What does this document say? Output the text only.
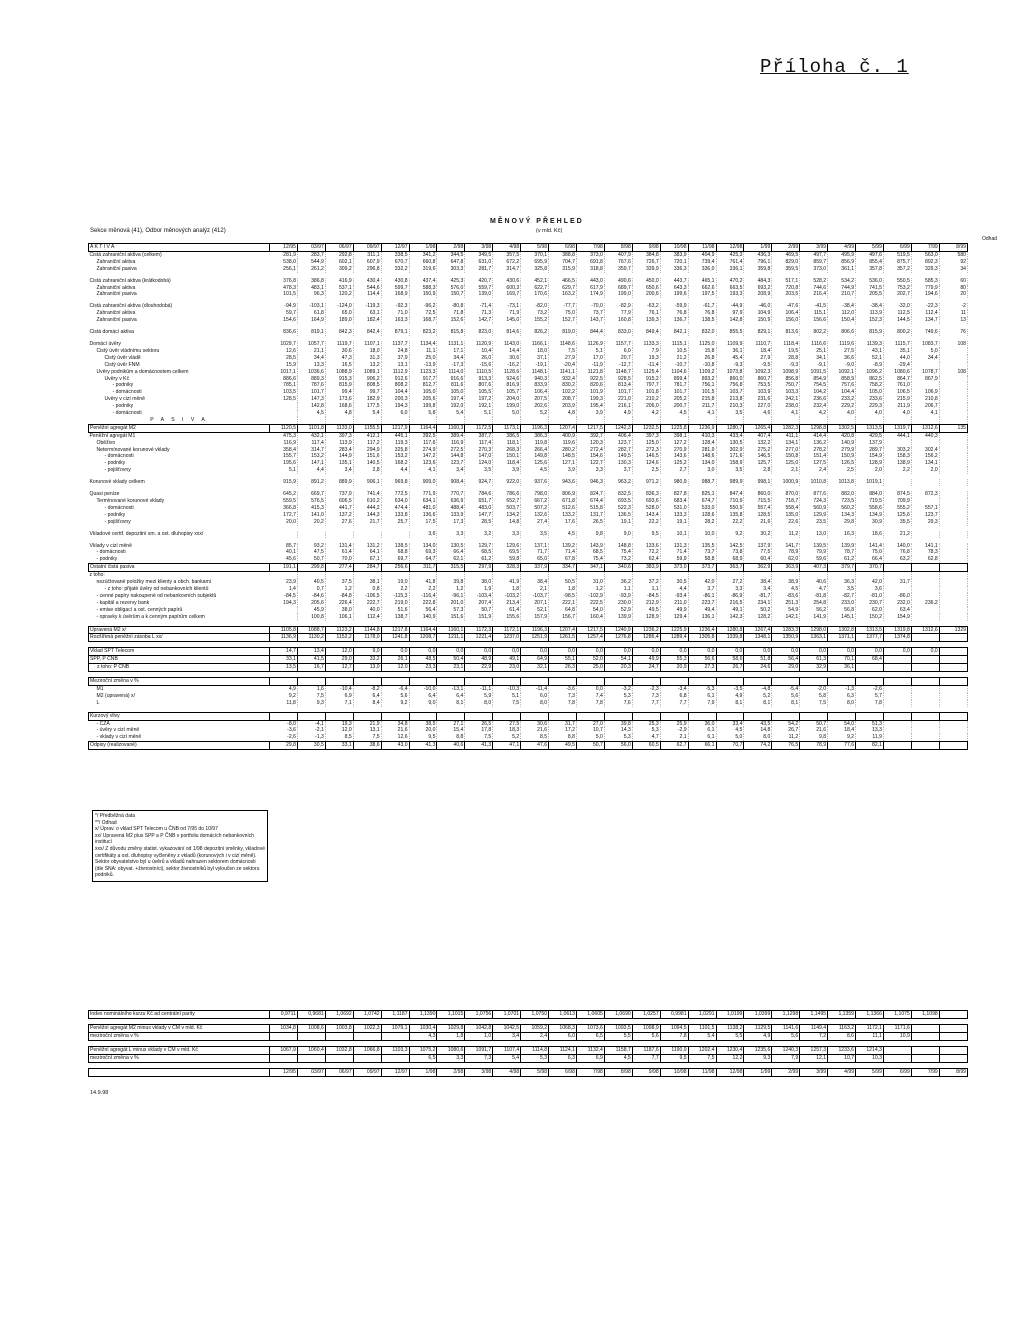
Příloha č. 1
Sekce měnová (41), Odbor měnových analýz (412)
MĚNOVÝ PŘEHLED
(v mld. Kč)
Odhad
A K T I V A	12/95	03/97	06/97	09/97	12/97	1/98	2/98	3/98	4/98	5/98	6/98	7/98	8/98	9/98	10/98	11/98	12/98	1/99	2/99	3/99	4/99	5/99	6/99	7/99	8/99
Čistá zahraniční aktiva (celkem)	281,9	283,7	292,8	311,1	338,5	341,2	344,5	349,5	357,5	370,1	388,8	373,0	407,9	384,8	383,9	404,9	425,3	436,3	469,5	497,7	495,9	497,6	519,5	563,0	580
Zahraniční aktiva	538,0	544,9	602,1	607,9	670,7	660,8	647,8	631,0	672,2	695,9	704,7	691,8	767,6	726,7	720,1	739,4	761,4	796,1	829,0	859,7	856,9	855,4	875,7	892,3	92
Zahraniční pasiva	256,1	261,2	309,2	296,8	332,2	319,6	303,3	281,7	314,7	325,8	315,9	318,8	359,7	339,9	336,3	336,0	336,1	359,8	359,5	373,0	361,1	357,8	357,2	329,3	34

Čistá zahraniční aktiva (krátkodobá)	376,8	386,8	416,9	430,4	430,8	437,4	425,3	420,7	430,6	452,1	466,5	443,0	490,6	450,0	443,7	465,1	470,2	484,3	517,1	528,2	534,2	536,0	550,5	585,3	60
Zahraniční aktiva	478,3	483,1	537,1	544,6	599,7	588,3	576,0	559,7	600,3	622,7	629,7	617,9	689,7	650,6	643,3	662,6	663,5	693,2	720,8	744,6	744,9	741,5	753,2	779,9	80
Zahraniční pasiva	101,5	96,3	120,2	114,4	168,9	150,9	150,7	139,0	169,7	170,6	163,2	174,9	199,0	200,6	199,6	197,5	193,3	208,9	203,5	216,4	210,7	205,5	202,7	194,6	20

Čistá zahraniční aktiva (dlouhodobá)	-94,9	-103,1	-124,0	-119,3	-92,3	-96,2	-80,8	-71,4	-73,1	-82,0	-77,7	-70,0	-82,9	-63,2	-59,9	-61,7	-44,9	-46,0	-47,6	-41,5	-38,4	-38,4	-32,0	-22,3	-2
Zahraniční aktiva	59,7	61,8	65,0	63,1	71,0	72,5	71,8	71,3	71,9	73,2	75,0	73,7	77,9	76,1	76,8	76,8	97,9	104,9	106,4	115,1	112,0	113,9	112,5	112,4	11
Zahraniční pasiva	154,6	164,9	189,0	182,4	163,3	168,7	152,6	142,7	145,0	155,2	152,7	143,7	160,8	139,3	136,7	138,5	142,8	150,9	156,0	156,6	150,4	152,3	144,5	134,7	13

Čistá domácí aktiva	836,6	819,1	842,3	842,4	879,1	823,2	815,8	823,0	814,6	826,2	819,0	844,4	833,0	849,4	842,1	832,0	855,5	829,1	813,6	802,2	806,6	815,9	800,2	749,6	76

Domácí úvěry	1029,7	1057,7	1119,7	1107,1	1137,7	1134,4	1131,1	1120,9	1143,0	1166,1	1148,6	1126,9	1157,7	1133,3	1115,1	1125,0	1109,9	1110,7	1118,4	1116,6	1119,6	1139,3	1115,7	1083,7	108
Čistý úvěr vládnímu sektoru	12,6	21,1	30,6	18,0	24,8	11,1	17,1	10,4	14,4	18,0	7,5	5,1	6,0	7,9	10,5	15,8	36,1	18,4	19,5	25,1	27,5	43,1	35,1	5,0	
Čistý úvěr vládě	28,5	34,4	47,3	31,3	37,9	25,0	34,4	26,0	30,6	37,1	27,9	17,0	20,7	19,3	21,2	26,8	45,4	27,9	28,8	34,1	36,6	52,1	44,0	34,4	
Čistý úvěr FNM	15,9	13,3	16,5	13,2	13,1	-13,9	-17,3	-15,6	-16,2	-19,1	-20,4	-11,9	-12,7	-11,4	-10,7	-10,8	-9,3	-9,5	-9,3	-9,1	-9,0	-8,9	-29,4		
Úvěry podnikům a domácnostem celkem	1017,1	1036,6	1088,9	1089,1	1112,9	1123,3	1114,0	1110,5	1128,6	1148,1	1141,1	1121,8	1148,7	1125,4	1104,6	1109,2	1073,8	1092,3	1098,9	1091,5	1092,1	1096,2	1080,6	1078,7	108
Úvěry v Kč	886,6	889,3	915,3	906,2	912,6	917,7	916,6	913,3	924,6	940,3	932,4	922,5	928,5	915,2	899,4	893,2	860,0	860,7	856,8	854,9	858,9	862,5	864,7	867,9	
- podniky	785,1	787,6	815,9	808,5	808,2	812,7	811,6	807,6	816,9	833,9	830,2	820,6	813,4	797,7	781,7	756,1	756,8	753,5	750,7	754,5	757,6	758,2	761,0		
- domácnosti	103,5	101,7	99,4	99,7	104,4	105,0	105,0	105,5	105,7	106,4	102,2	101,9	101,7	101,8	101,7	101,5	103,7	103,9	103,3	104,2	104,4	105,0	106,5	106,9	
Úvěry v cizí měně	128,5	147,3	173,6	182,9	200,3	205,6	197,4	197,2	204,0	207,5	208,7	199,3	221,0	210,2	205,2	215,8	213,8	231,6	242,1	236,6	233,2	233,6	215,9	210,8	
- podniky		142,8	168,6	177,5	194,3	199,8	192,0	192,1	199,0	202,6	203,9	195,4	216,1	206,0	200,7	211,7	210,3	227,0	238,0	232,4	229,2	229,3	211,9	206,7	
- domácnosti		4,5	4,8	5,4	6,0	5,8	5,4	5,1	5,0	5,2	4,8	3,9	4,9	4,2	4,5	4,1	3,5	4,6	4,1	4,2	4,0	4,0	4,0	4,1	
P A S I V A																									
Peněžní agregát M2	1120,5	1101,8	1133,0	1155,5	1217,9	1164,4	1160,3	1172,5	1173,1	1196,3	1207,4	1217,5	1242,3	1232,5	1225,8	1236,9	1280,7	1265,4	1282,3	1298,8	1302,5	1313,5	1319,7	1312,6	135
Peněžní agregát M1	475,3	432,1	397,3	412,1	445,1	392,5	389,4	387,7	386,5	386,3	400,9	392,7	406,4	397,3	398,1	410,3	433,4	407,4	411,1	414,4	420,8	429,5	444,1	440,3	
Oběživo	116,9	117,4	113,9	117,2	119,3	117,6	116,9	117,4	118,1	119,8	119,6	120,3	123,7	125,0	127,2	128,4	130,5	132,2	134,1	136,2	140,9	137,9			
Netermínované korunové vklady	358,4	314,7	283,4	294,9	325,8	274,9	272,5	270,3	268,3	266,4	280,2	272,4	282,7	272,3	270,9	281,9	302,9	275,2	277,0	278,2	279,9	289,7	303,2	302,4	
- domácnosti	155,7	153,2	144,9	151,6	153,2	147,2	144,8	147,0	150,1	149,8	148,5	154,6	149,5	146,5	143,6	148,6	171,6	146,5	150,8	151,4	150,9	154,9	158,3	156,2	
- podniky	195,6	147,1	135,1	140,5	168,2	123,6	123,7	124,0	118,4	125,6	127,1	122,7	130,3	124,6	125,2	134,0	158,9	125,7	125,0	127,5	126,5	128,9	138,9	134,1	
- pojišťovny	5,1	4,4	3,4	2,8	4,4	4,1	3,4	3,5	3,9	4,5	3,9	3,3	3,7	2,5	2,7	3,0	3,5	2,8	2,1	2,4	2,5	2,0	2,2	2,0	

Korunové vklady celkem	915,9	891,2	889,9	906,1	969,8	909,0	908,4	924,7	922,0	937,6	943,6	946,3	963,2	971,2	980,9	988,7	989,9	998,1	1000,9	1010,8	1013,8	1019,1			

Quasi peníze	645,2	669,7	737,9	741,4	772,5	771,9	770,7	784,6	786,6	798,0	806,9	824,7	832,5	836,3	827,8	825,1	847,4	860,0	870,0	877,6	882,0	884,0	874,5	872,3	
Termínované korunové vklady	559,5	576,5	606,5	610,2	634,0	634,1	636,9	651,7	652,7	667,2	671,8	674,4	693,5	693,6	683,4	674,7	710,9	715,5	718,7	724,3	723,5	719,5	709,9		
- domácnosti	366,8	415,3	441,7	444,2	474,4	481,0	488,4	483,0	503,7	507,2	512,6	515,8	522,3	528,0	531,0	533,0	550,9	557,4	558,4	560,9	560,2	558,6	555,2	557,1	
- podniky	172,7	141,0	137,2	144,3	133,8	136,6	133,9	147,7	134,2	132,6	133,2	131,7	136,5	143,4	133,3	128,6	135,8	128,5	135,0	129,9	134,3	134,9	125,6	123,7	
- pojišťovny	20,0	20,2	27,6	21,7	25,7	17,5	17,3	28,5	14,8	27,4	17,6	26,5	19,1	22,2	19,1	28,2	22,2	21,6	22,6	23,5	29,8	30,9	35,5	29,3	

Vkladové certif. depozitní sm. a ost. dluhopisy xxx/						3,6	3,3	3,2	3,3	3,5	4,5	9,8	9,0	9,5	10,1	10,0	9,2	30,2	11,2	13,0	16,3	18,6	21,2		

Vklady v cizí měně	85,7	93,2	131,4	131,2	138,5	134,0	130,5	129,7	129,6	137,1	139,2	143,9	148,8	133,6	131,3	135,5	142,5	137,9	141,7	139,5	139,9	141,4	140,0	141,1	
- domácnosti	40,1	47,5	61,4	64,1	68,8	69,3	66,4	68,5	69,5	71,7	71,4	68,5	75,4	72,2	71,4	73,7	73,8	77,5	78,9	79,9	78,7	75,0	76,8	78,3	
- podniky	45,6	50,7	70,0	67,1	69,7	64,7	62,1	61,2	59,8	65,0	67,8	75,4	73,2	62,4	59,9	58,8	68,9	60,4	62,0	59,6	61,2	66,4	63,2	62,8	
Ostatní čistá pasiva	191,1	299,8	277,4	284,7	256,6	311,7	315,5	297,9	328,3	337,9	334,7	347,1	340,6	383,9	373,0	373,7	363,7	362,9	363,9	407,3	379,7	370,7			
z toho:																									
nezúčtované položky mezi klienty a obch. bankami	23,9	40,5	37,5	38,1	19,0	41,8	39,8	38,0	41,9	38,4	50,5	31,0	36,2	37,2	30,5	42,0	27,2	38,4	38,9	40,6	36,3	42,0	31,7		
- z toho: přijaté úvěry od nebankovních klientů	1,4	0,7	1,2	0,8	2,2	2,2	1,2	1,9	1,8	2,1	1,8	1,2	1,1	1,1	4,4	3,7	3,3	3,4	4,5	4,7	3,5	3,6			
- cenné papíry nakoupené od nebankovních subjektů	-84,5	-84,6	-84,8	-106,5	-115,3	-116,4	-96,1	-103,4	-103,2	-103,7	-98,5	-102,9	-93,9	-84,5	-93,4	-86,1	-86,9	-81,7	-83,6	-81,8	-82,7	-81,0	-86,0		
- kapitál a rezervy bank	194,3	205,6	226,4	222,7	219,0	222,8	201,0	207,4	213,4	207,1	222,1	222,5	230,0	212,9	211,0	223,7	216,5	234,1	251,3	254,8	233,0	230,7	232,0	236,2	
- emise obligací a ost. cenných papírů		45,9	38,0	40,0	51,6	56,4	57,3	50,7	61,4	52,1	64,8	54,0	52,9	49,5	49,9	49,4	49,1	50,2	54,9	56,2	56,8	62,0	63,4		
- opravky k úvěrům a k cenným papírům celkem		100,8	106,1	112,4	138,7	140,9	151,6	151,9	155,6	157,9	156,7	160,4	139,9	128,9	129,4	136,1	142,3	128,2	142,1	141,9	145,1	150,2	154,9		

Upravená M2 x/	1105,8	1088,7	1123,2	1144,8	1217,8	1164,4	1160,1	1172,3	1172,1	1196,3	1207,4	1217,5	1240,9	1236,2	1225,9	1236,4	1280,8	1267,4	1283,3	1298,0	1302,8	1313,5	1319,8	1312,6	1329
Rozšířená peněžní zásoba L xx/	1136,9	1130,2	1152,2	1178,0	1241,8	1208,7	1211,1	1221,4	1237,0	1251,9	1261,5	1257,4	1276,8	1286,4	1289,4	1305,8	1339,8	1348,1	1350,9	1363,1	1371,1	1377,7	1374,8		

Vklad SPT Telecom	14,7	13,4	12,0	9,0	0,0	0,0	0,0	0,0	0,0	0,0	0,0	0,0	0,0	0,0	0,0	0,0	0,0	0,0	0,0	0,0	0,0	0,0	0,0	0,0	
SPP, P ČNB	33,1	41,5	29,0	33,2	26,1	48,5	50,4	48,9	49,1	64,9	55,1	52,0	54,1	49,9	55,3	56,6	58,6	51,8	56,4	61,3	70,1	68,4			
z toho: P ČNB	13,5	16,7	12,7	13,0	12,0	23,3	23,1	22,9	23,0	32,1	26,3	25,0	20,3	24,7	20,9	27,3	26,7	24,6	29,0	32,9	36,1				

Meziroční změna v %																									
M1	4,9	1,6	-10,4	-8,2	-6,4	-10,0	-13,1	-11,1	-10,3	-11,4	-3,6	0,0	-3,2	-2,3	-3,4	-5,3	-3,5	-4,8	-5,4	-2,0	-1,3	-2,6			
M2 (upravená) x/	9,2	7,5	6,9	6,4	5,6	6,4	6,4	5,9	5,1	6,0	7,3	7,4	5,3	7,3	6,8	6,1	4,9	5,2	5,6	5,8	6,3	5,7			
L	11,8	9,3	7,1	8,4	9,2	9,0	8,1	8,0	7,5	8,0	7,8	7,8	7,6	7,7	7,7	7,9	8,1	8,1	8,1	7,5	8,0	7,8			

Kurzový vlivy																									
- ČZA	-8,0	-4,1	19,3	21,9	34,8	38,5	27,1	26,5	27,5	30,6	31,7	27,0	39,8	25,3	25,9	36,0	33,4	43,5	54,2	50,7	54,0	51,3			
- úvěry v cizí měně	-3,6	-2,1	12,0	13,1	21,6	20,0	15,4	17,8	18,3	21,6	17,2	10,7	14,3	5,3	-2,9	6,1	4,5	14,8	26,7	21,6	18,4	13,3			
- vklady v cizí měně	-2,6	-1,3	8,5	7,5	12,6	9,5	8,8	7,5	5,2	8,5	8,8	5,0	5,3	4,7	2,1	6,1	5,0	8,0	11,2	9,8	9,2	11,9			
Odpisy (realizované)	29,8	30,5	33,1	38,6	43,0	41,3	40,6	41,3	47,1	47,6	49,5	50,7	56,0	60,5	62,7	66,1	70,7	74,2	76,5	78,9	77,6	82,1			

Index nominálního kurzu Kč ad centrální parity	0,9711	0,9681	1,0692	1,0742	1,1187	1,1390	1,1015	1,0756	1,0701	1,0750	1,0613	1,0605	1,0690	1,0257	0,9981	1,0291	1,0199	1,0399	1,1298	1,1495	1,1359	1,1366	1,1075	1,1098	

Peněžní agregát M2 minus vklady v CM v mld. Kč	1034,8	1008,6	1003,8	1022,3	1079,1	1030,4	1029,8	1042,8	1042,5	1059,2	1068,3	1073,6	1093,5	1098,9	1094,5	1101,5	1138,2	1129,5	1141,6	1149,4	1163,2	1172,1	1171,6		
meziroční změna v %						4,3	1,8	1,0	3,4	2,4	6,0	6,5	5,5	5,6	7,8	5,4	5,5	4,9	5,6	7,2	8,6	11,1	10,9		

Peněžní agregát L minus vklady v CM v mld. Kč	1067,9	1060,4	1032,8	1066,8	1103,3	1075,2	1080,6	1091,7	1107,4	1114,8	1124,1	1132,4	1158,7	1187,6	1190,9	1202,4	1230,4	1235,6	1240,3	1257,3	1233,6	1214,3			
meziroční změna v %						6,5	3,3	7,3	5,4	5,3	6,3	6,9	4,5	7,7	9,5	7,5	12,2	9,3	7,9	12,1	10,7	10,3			

	12/95	03/97	06/97	09/97	12/97	1/98	2/98	3/98	4/98	5/98	6/98	7/98	8/98	9/98	10/98	11/98	12/98	1/99	2/99	3/99	4/99	5/99	6/99	7/99	8/99
*/ Předběžná data
**/ Odhad
x/ Úprav. o vklad SPT Telecom u ČNB od 7/95 do 10/97
xx/ Upravená M2 plus SPP a P ČNB v portfoliu domácích nebankovních institucí
xxx/ Z důvodu změny statist. vykazování od 1/98 depozitní směnky, vkladové certifikáty a ost. dluhopisy vyčleněny z vkladů (korunových i v cizí měně).
Sektor obyvatelstvo byl u úvěrů a vkladů nahrazen sektorem domácnosti (dle SNA: obyvat. +živnostníci), sektor živnostníků byl vyloučen ze sektoru podniků.
14.9.98
